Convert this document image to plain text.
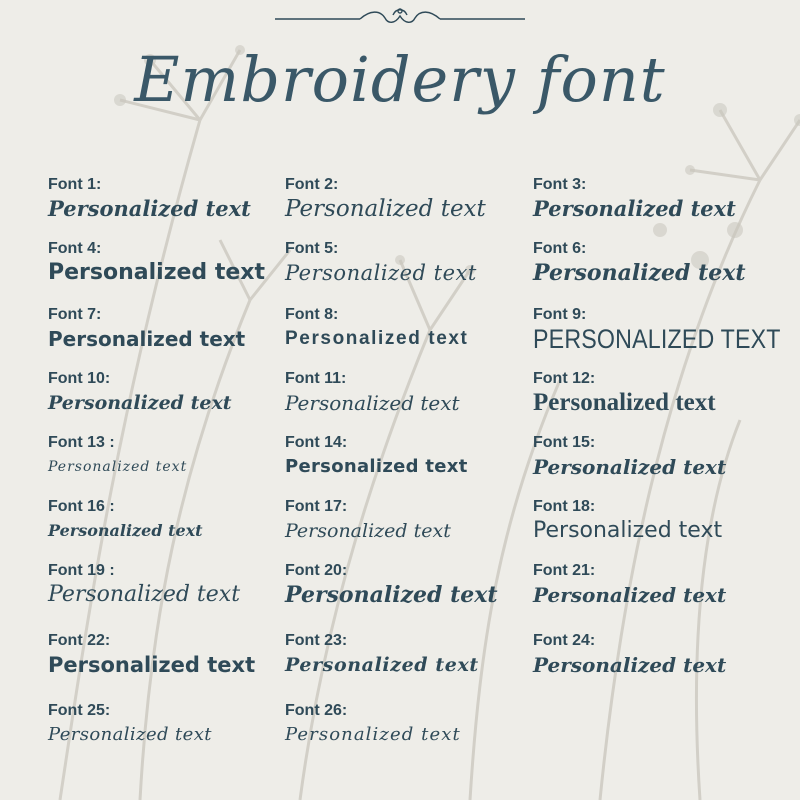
Embroidery font
Font 1:
Personalized text
Font 2:
Personalized text
Font 3:
Personalized text
Font 4:
Personalized text
Font 5:
Personalized text
Font 6:
Personalized text
Font 7:
Personalized text
Font 8:
Personalized text
Font 9:
PERSONALIZED TEXT
Font 10:
Personalized text
Font 11:
Personalized text
Font 12:
Personalized text
Font 13 :
Personalized text
Font 14:
Personalized text
Font 15:
Personalized text
Font 16 :
Personalized text
Font 17:
Personalized text
Font 18:
Personalized text
Font 19 :
Personalized text
Font 20:
Personalized text
Font 21:
Personalized text
Font 22:
Personalized text
Font 23:
Personalized text
Font 24:
Personalized text
Font 25:
Personalized text
Font 26:
Personalized text
